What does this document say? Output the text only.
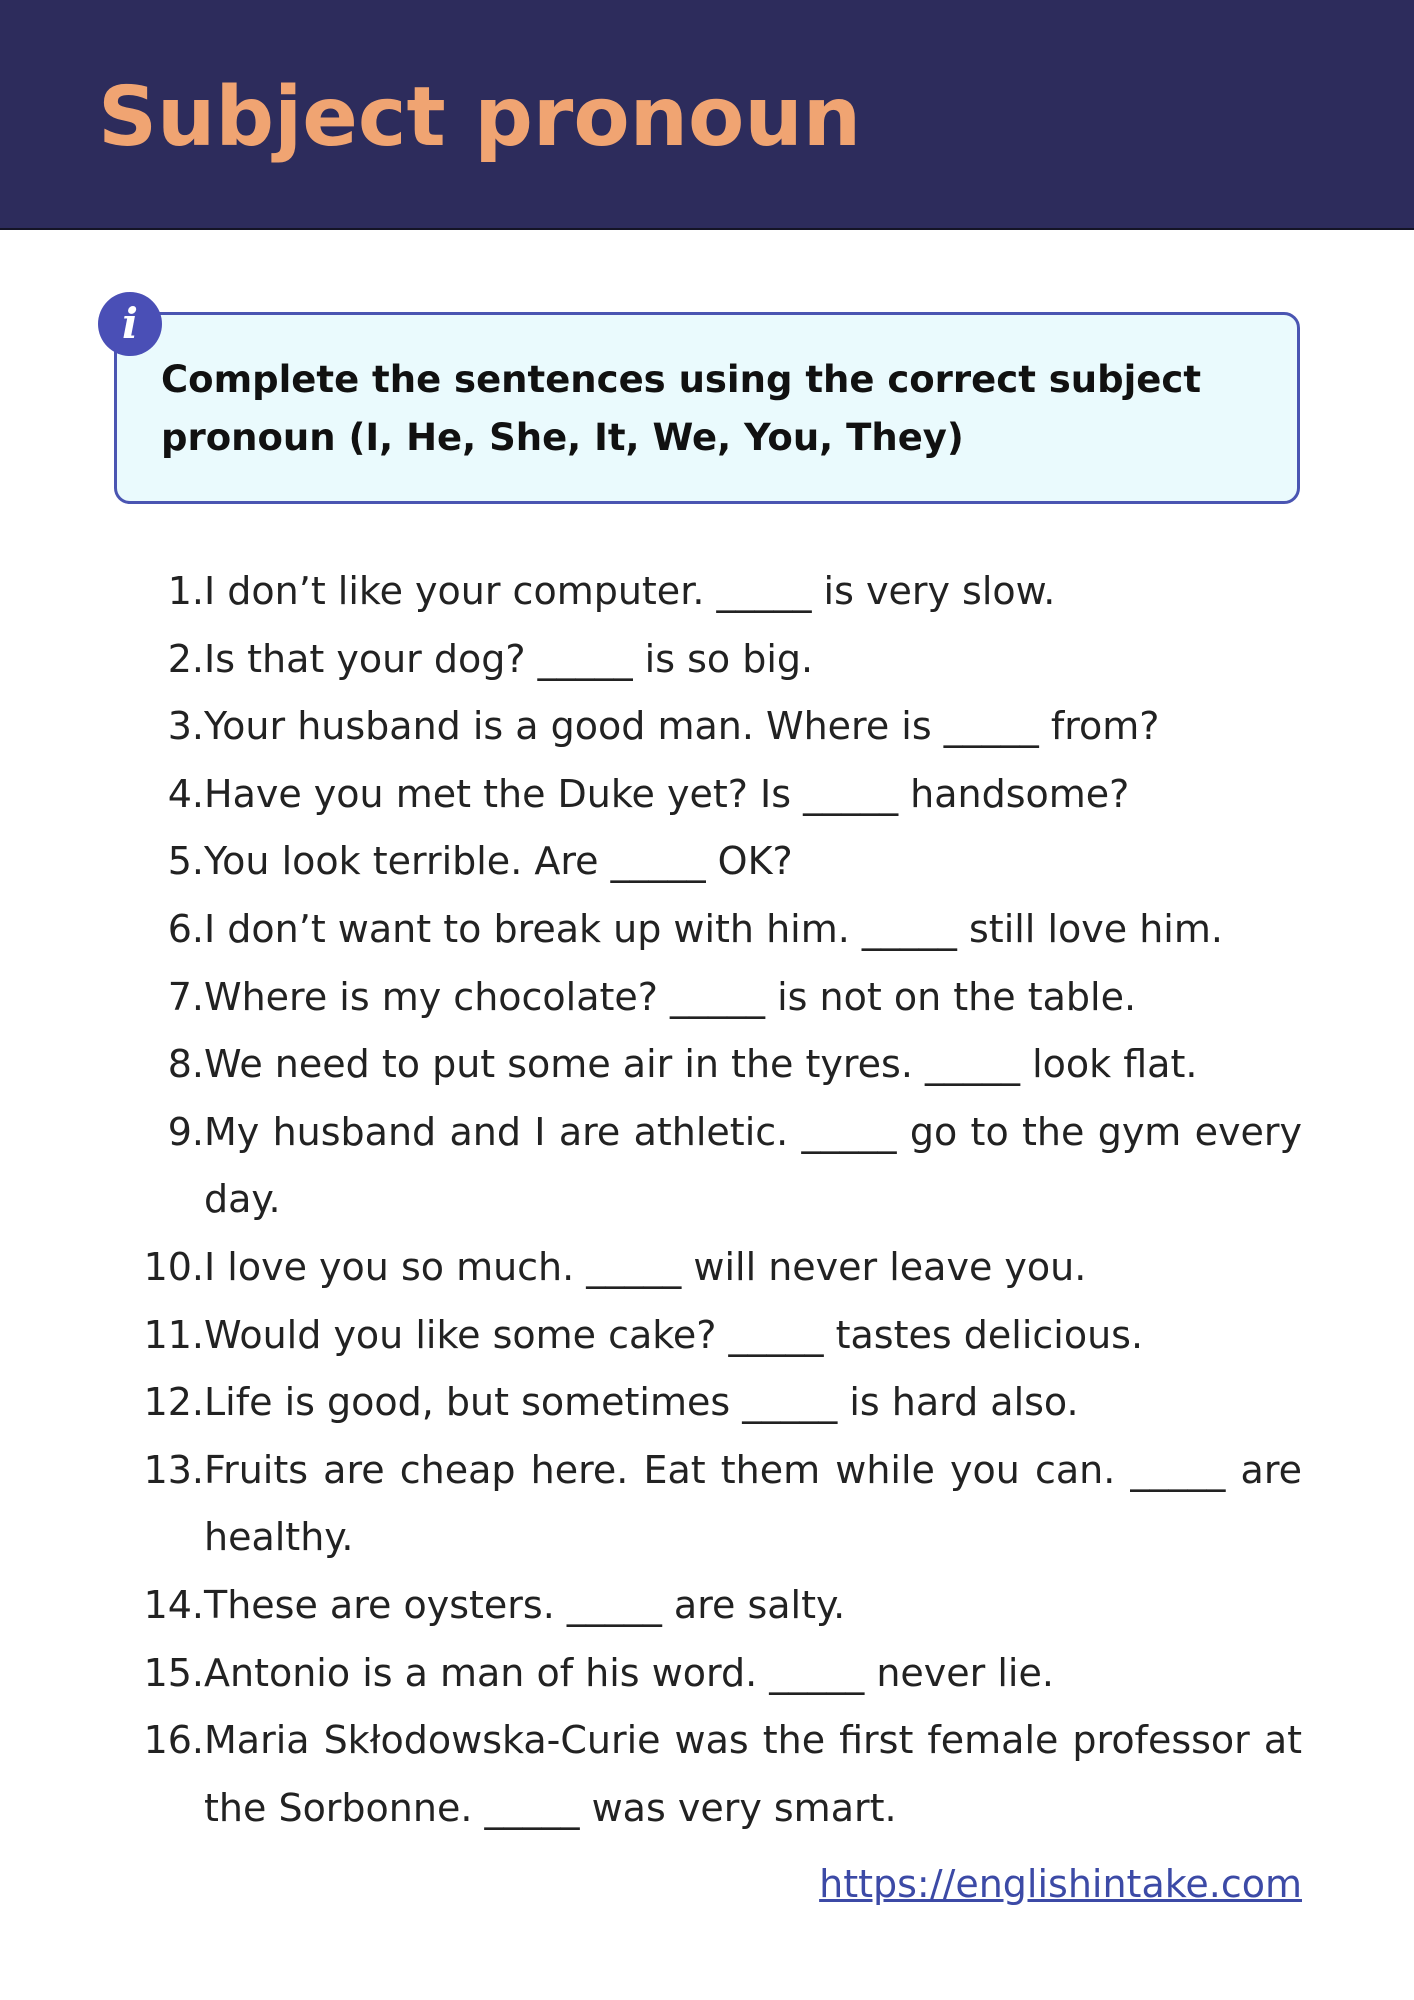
Subject pronoun
Complete the sentences using the correct subject pronoun (I, He, She, It, We, You, They)
i
1. I don’t like your computer. _____ is very slow.
2. Is that your dog? _____ is so big.
3. Your husband is a good man. Where is _____ from?
4. Have you met the Duke yet? Is _____ handsome?
5. You look terrible. Are _____ OK?
6. I don’t want to break up with him. _____ still love him.
7. Where is my chocolate? _____ is not on the table.
8. We need to put some air in the tyres. _____ look flat.
9. My husband and I are athletic. _____ go to the gym every day.
10. I love you so much. _____ will never leave you.
11. Would you like some cake? _____ tastes delicious.
12. Life is good, but sometimes _____ is hard also.
13. Fruits are cheap here. Eat them while you can. _____ are healthy.
14. These are oysters. _____ are salty.
15. Antonio is a man of his word. _____ never lie.
16. Maria Skłodowska-Curie was the first female professor at the Sorbonne. _____ was very smart.
https://englishintake.com
